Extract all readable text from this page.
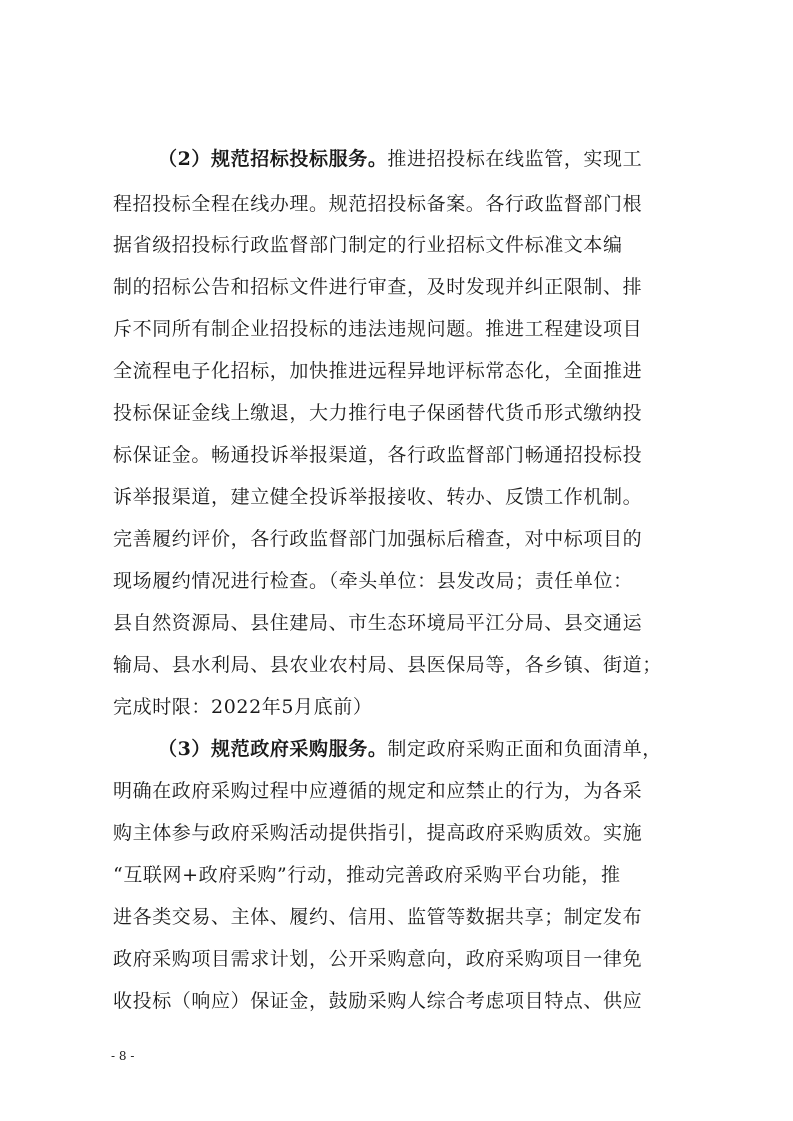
（2）规范招标投标服务。推进招投标在线监管，实现工
程招投标全程在线办理。规范招投标备案。各行政监督部门根
据省级招投标行政监督部门制定的行业招标文件标准文本编
制的招标公告和招标文件进行审查，及时发现并纠正限制、排
斥不同所有制企业招投标的违法违规问题。推进工程建设项目
全流程电子化招标，加快推进远程异地评标常态化，全面推进
投标保证金线上缴退，大力推行电子保函替代货币形式缴纳投
标保证金。畅通投诉举报渠道，各行政监督部门畅通招投标投
诉举报渠道，建立健全投诉举报接收、转办、反馈工作机制。
完善履约评价，各行政监督部门加强标后稽查，对中标项目的
现场履约情况进行检查。（牵头单位：县发改局；责任单位：
县自然资源局、县住建局、市生态环境局平江分局、县交通运
输局、县水利局、县农业农村局、县医保局等，各乡镇、街道；
完成时限：2022年5月底前）
（3）规范政府采购服务。制定政府采购正面和负面清单，
明确在政府采购过程中应遵循的规定和应禁止的行为，为各采
购主体参与政府采购活动提供指引，提高政府采购质效。实施
“互联网+政府采购”行动，推动完善政府采购平台功能，推
进各类交易、主体、履约、信用、监管等数据共享；制定发布
政府采购项目需求计划，公开采购意向，政府采购项目一律免
收投标（响应）保证金，鼓励采购人综合考虑项目特点、供应
- 8 -
